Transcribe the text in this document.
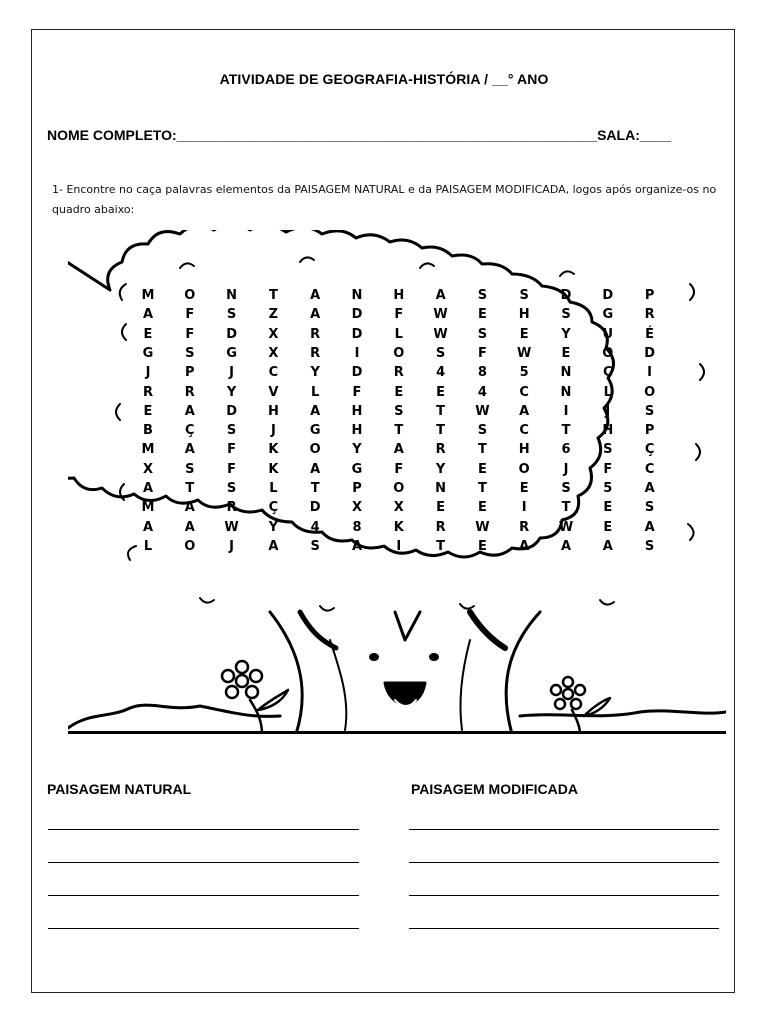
ATIVIDADE DE GEOGRAFIA-HISTÓRIA / __° ANO
NOME COMPLETO:______________________________________________________SALA:____
1- Encontre no caça palavras elementos da PAISAGEM NATURAL e da PAISAGEM MODIFICADA, logos após organize-os no quadro abaixo:
M	O	N	T	A	N	H	A	S	S	D	D	P
A	F	S	Z	A	D	F	W	E	H	S	G	R
E	F	D	X	R	D	L	W	S	E	Y	U	É
G	S	G	X	R	I	O	S	F	W	E	O	D
J	P	J	C	Y	D	R	4	8	5	N	Ç	I
R	R	Y	V	L	F	E	E	4	C	N	L	O
E	A	D	H	A	H	S	T	W	A	I	J	S
B	Ç	S	J	G	H	T	T	S	C	T	H	P
M	A	F	K	O	Y	A	R	T	H	6	S	Ç
X	S	F	K	A	G	F	Y	E	O	J	F	C
A	T	S	L	T	P	O	N	T	E	S	5	A
M	A	R	Ç	D	X	X	E	E	I	T	E	S
A	A	W	Y	4	8	K	R	W	R	W	E	A
L	O	J	A	S	A	I	T	E	A	A	A	S
PAISAGEM NATURAL	PAISAGEM MODIFICADA
